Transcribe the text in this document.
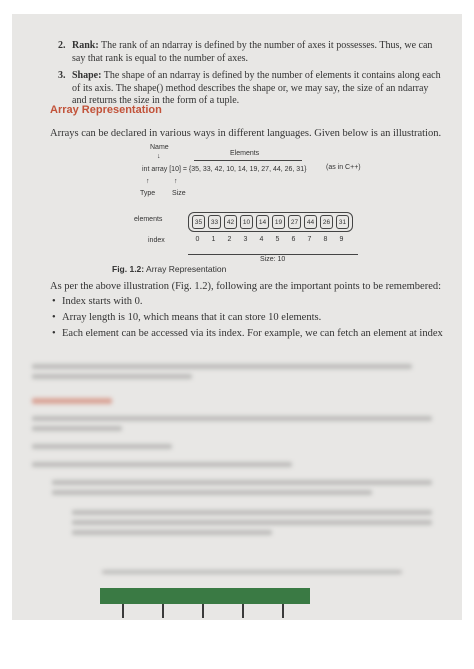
2. Rank: The rank of an ndarray is defined by the number of axes it possesses. Thus, we can say that rank is equal to the number of axes.
3. Shape: The shape of an ndarray is defined by the number of elements it contains along each of its axis. The shape() method describes the shape or, we may say, the size of an ndarray and returns the size in the form of a tuple.
Array Representation
Arrays can be declared in various ways in different languages. Given below is an illustration.
Name
↓	Elements
int array [10] = {35, 33, 42, 10, 14, 19, 27, 44, 26, 31}	(as in C++)
↑	↑
Type Size
elements	35	33	42	10	14	19	27	44	26	31
index	0	1	2	3	4	5	6	7	8	9
Size: 10
Fig. 1.2: Array Representation
As per the above illustration (Fig. 1.2), following are the important points to be remembered:
• Index starts with 0.
• Array length is 10, which means that it can store 10 elements.
• Each element can be accessed via its index. For example, we can fetch an element at index
